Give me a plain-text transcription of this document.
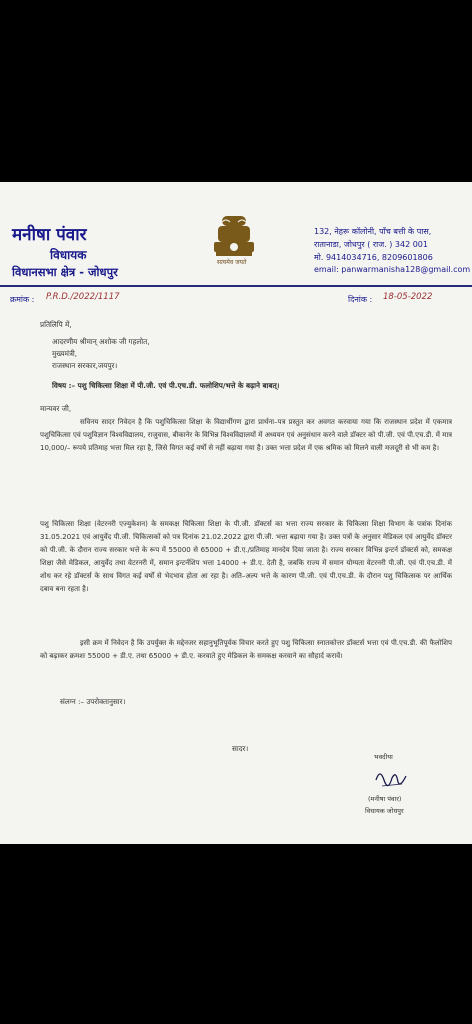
मनीषा पंवार
विधायक
विधानसभा क्षेत्र - जोधपुर
सत्यमेव जयते
132, नेहरू कॉलोनी, पाँच बत्ती के पास,
रातानाडा, जोधपुर ( राज. ) 342 001
मो. 9414034716, 8209601806
email: panwarmanisha128@gmail.com
क्रमांक : P.R.D./2022/1117	दिनांक : 18-05-2022
प्रतिलिपि में,
आदरणीय श्रीमान् अशोक जी गहलोत,
मुख्यमंत्री,
राजस्थान सरकार,जयपुर।
विषय :– पशु चिकित्सा शिक्षा में पी.जी. एवं पी.एच.डी. फलोशिप/भत्ते के बढ़ाने बाबत्।
मान्यवर जी,
सविनय सादर निवेदन है कि पशुचिकित्सा शिक्षा के विद्यार्थीगण द्वारा प्रार्थना–पत्र प्रस्तुत कर अवगत करवाया गया कि राजस्थान प्रदेश में एकमात्र पशुचिकित्सा एवं पशुविज्ञान विश्वविद्यालय, राजुवास, बीकानेर के विभिन्न विश्वविद्यालयों में अध्ययन एवं अनुसंधान करने वाले डॉक्टर को पी.जी. एवं पी.एच.डी. में मात्र 10,000/– रूपये प्रतिमाह भत्ता मिल रहा है, जिसे विगत कई वर्षों से नहीं बढ़ाया गया है। उक्त भत्ता प्रदेश में एक श्रमिक को मिलने वाली मजदूरी से भी कम है।
पशु चिकित्सा शिक्षा (वेटरनरी एज्युकेशन) के समकक्ष चिकित्सा शिक्षा के पी.जी. डॉक्टर्स का भत्ता राज्य सरकार के चिकित्सा शिक्षा विभाग के पत्रांक दिनांक 31.05.2021 एवं आयुर्वेद पी.जी. चिकित्सकों को पत्र दिनांक 21.02.2022 द्वारा पी.जी. भत्ता बढ़ाया गया है। उक्त पत्रों के अनुसार मेडिकल एवं आयुर्वेद डॉक्टर को पी.जी. के दौरान राज्य सरकार भत्ते के रूप में 55000 से 65000 + डी.ए./प्रतिमाह मानदेय दिया जाता है। राज्य सरकार विभिन्न इन्टर्न डॉक्टर्स को, समकक्ष शिक्षा जैसे मेडिकल, आयुर्वेद तथा वेटरनरी में, समान इन्टर्नशिप भत्ता 14000 + डी.ए. देती है, जबकि राज्य में समान योग्यता वेटरनरी पी.जी. एवं पी.एच.डी. में शोध कर रहे डॉक्टर्स के साथ विगत कई वर्षों से भेदभाव होता आ रहा है। अति–अल्प भत्ते के कारण पी.जी. एवं पी.एच.डी. के दौरान पशु चिकित्सक पर आर्थिक दबाव बना रहता है।
इसी क्रम में निवेदन है कि उपर्युक्त के मद्देनजर सहानुभूतिपूर्वक विचार करते हुए पशु चिकित्सा स्नातकोत्तर डॉक्टर्स भत्ता एवं पी.एच.डी. की फैलोशिप को बढ़ाकर क्रमशः 55000 + डी.ए. तथा 65000 + डी.ए. करवाते हुए मेडिकल के समकक्ष करवाने का सौहार्द करावें।
संलग्न :– उपरोक्तानुसार।
सादर।
भवदीया
(मनीषा पंवार)
विधायक जोधपुर
